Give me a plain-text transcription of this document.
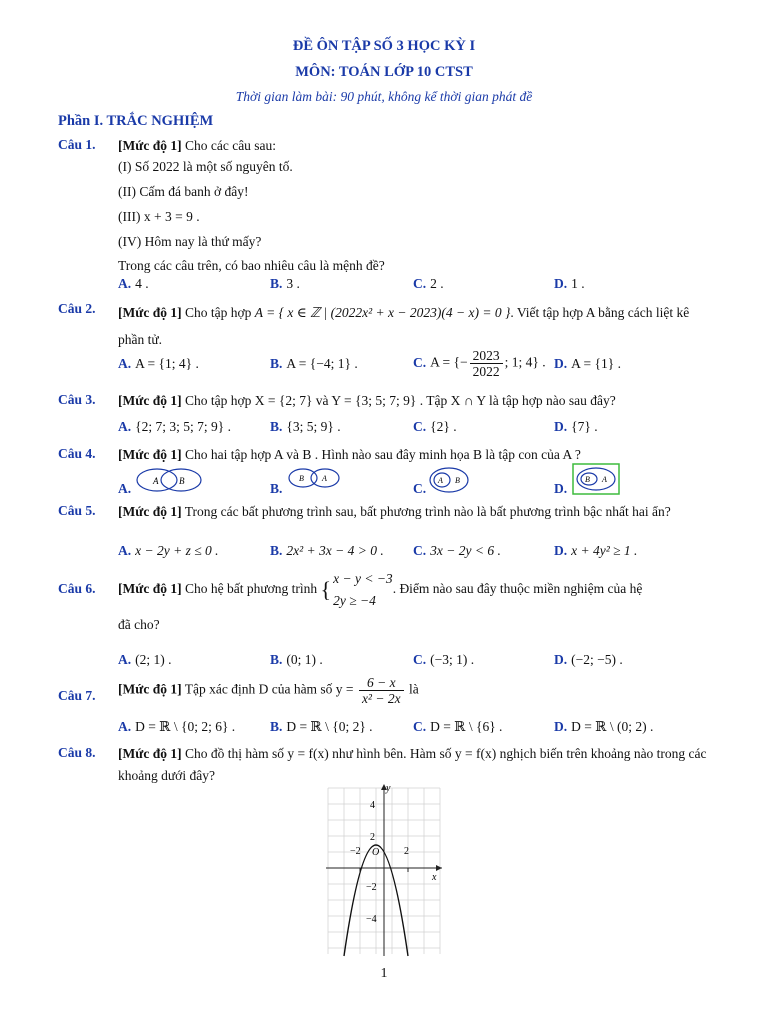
ĐỀ ÔN TẬP SỐ 3 HỌC KỲ I
MÔN: TOÁN LỚP 10 CTST
Thời gian làm bài: 90 phút, không kể thời gian phát đề
Phần I. TRẮC NGHIỆM
Câu 1. [Mức độ 1] Cho các câu sau:
(I) Số 2022 là một số nguyên tố.
(II) Cấm đá banh ở đây!
(III) x + 3 = 9 .
(IV) Hôm nay là thứ mấy?
Trong các câu trên, có bao nhiêu câu là mệnh đề?
A. 4 .	B. 3 .	C. 2 .	D. 1 .
Câu 2. [Mức độ 1] Cho tập hợp A = { x ∈ ℤ | (2022x² + x − 2023)(4 − x) = 0 }. Viết tập hợp A bằng cách liệt kê phần tử.
A. A = {1; 4} .	B. A = {−4; 1} .	C. A = {− $\frac{2023}{2022}$ ; 1; 4} . D. A = {1} .
Câu 3. [Mức độ 1] Cho tập hợp X = {2; 7} và Y = {3; 5; 7; 9} . Tập X ∩ Y là tập hợp nào sau đây?
A. {2; 7; 3; 5; 7; 9} .	B. {3; 5; 9} .	C. {2} .	D. {7} .
Câu 4. [Mức độ 1] Cho hai tập hợp A và B . Hình nào sau đây minh họa B là tập con của A ?
A.	A B	B.
B A
C.
A B
D.
B A
Câu 5. [Mức độ 1] Trong các bất phương trình sau, bất phương trình nào là bất phương trình bậc nhất hai ẩn?
A. x − 2y + z ≤ 0 .	B. 2x² + 3x − 4 > 0 . C. 3x − 2y < 6 .	D. x + 4y² ≥ 1 .
Câu 6. [Mức độ 1] Cho hệ bất phương trình { x − y < −3
2y ≥ −4
. Điểm nào sau đây thuộc miền nghiệm của hệ
đã cho?
A. (2; 1) .	B. (0; 1) .	C. (−3; 1) .	D. (−2; −5) .
Câu 7. [Mức độ 1] Tập xác định D của hàm số $y = \frac{6 - x}{\text{x² − 2x}}$ là
A. D = ℝ \ {0; 2; 6} .	B. D = ℝ \ {0; 2} .	C. D = ℝ \ {6} .	D. D = ℝ \ (0; 2) .
Câu 8. [Mức độ 1] Cho đồ thị hàm số y = f(x) như hình bên. Hàm số y = f(x) nghịch biến trên khoảng nào trong các khoảng dưới đây?
y
x
O
4
2
−2
−4
−2	2
1
